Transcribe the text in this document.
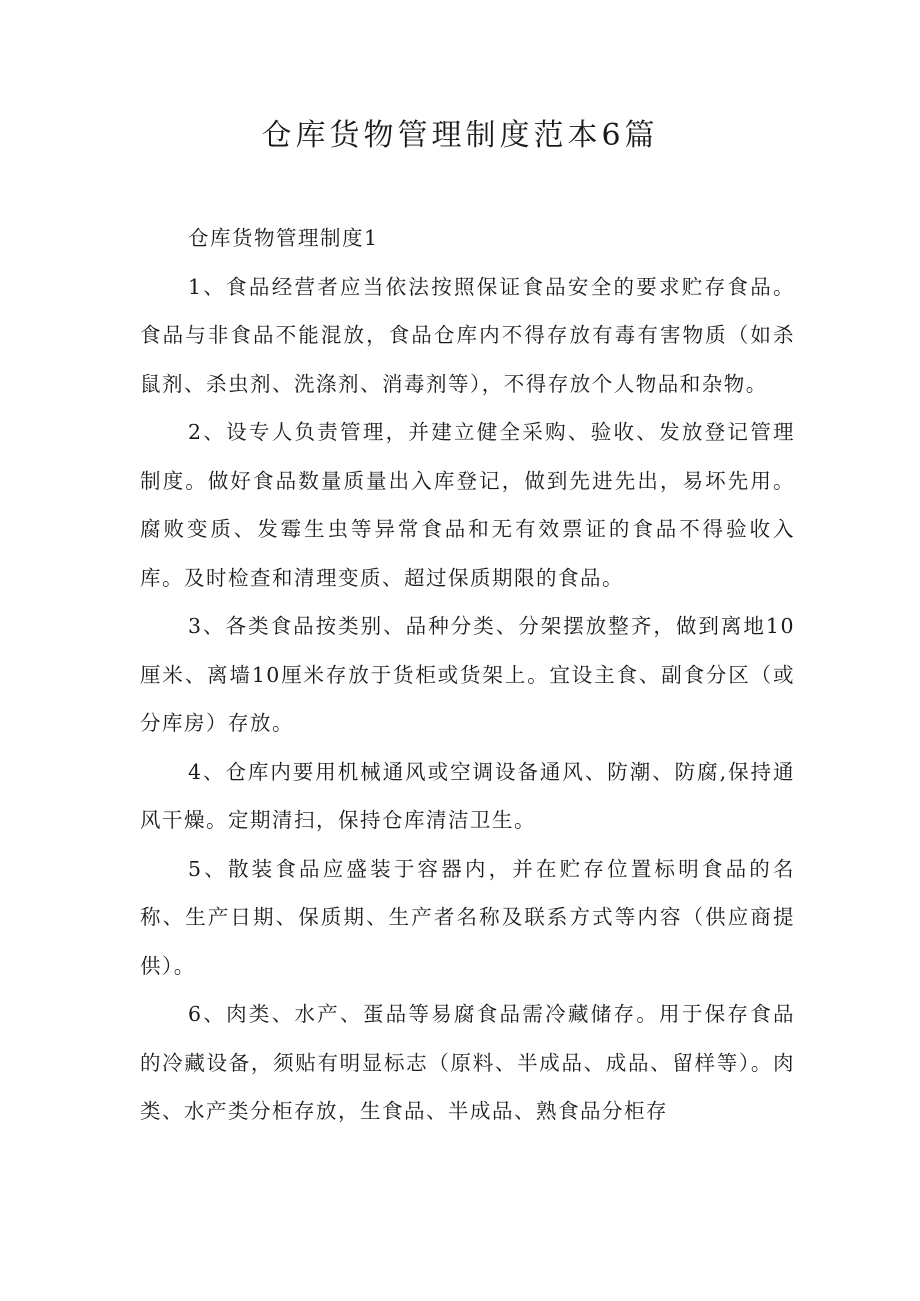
仓库货物管理制度范本6篇

仓库货物管理制度1

1、食品经营者应当依法按照保证食品安全的要求贮存食品。食品与非食品不能混放，食品仓库内不得存放有毒有害物质（如杀鼠剂、杀虫剂、洗涤剂、消毒剂等），不得存放个人物品和杂物。

2、设专人负责管理，并建立健全采购、验收、发放登记管理制度。做好食品数量质量出入库登记，做到先进先出，易坏先用。腐败变质、发霉生虫等异常食品和无有效票证的食品不得验收入库。及时检查和清理变质、超过保质期限的食品。

3、各类食品按类别、品种分类、分架摆放整齐，做到离地10厘米、离墙10厘米存放于货柜或货架上。宜设主食、副食分区（或分库房）存放。

4、仓库内要用机械通风或空调设备通风、防潮、防腐,保持通风干燥。定期清扫，保持仓库清洁卫生。

5、散装食品应盛装于容器内，并在贮存位置标明食品的名称、生产日期、保质期、生产者名称及联系方式等内容（供应商提供）。

6、肉类、水产、蛋品等易腐食品需冷藏储存。用于保存食品的冷藏设备，须贴有明显标志（原料、半成品、成品、留样等）。肉类、水产类分柜存放，生食品、半成品、熟食品分柜存
